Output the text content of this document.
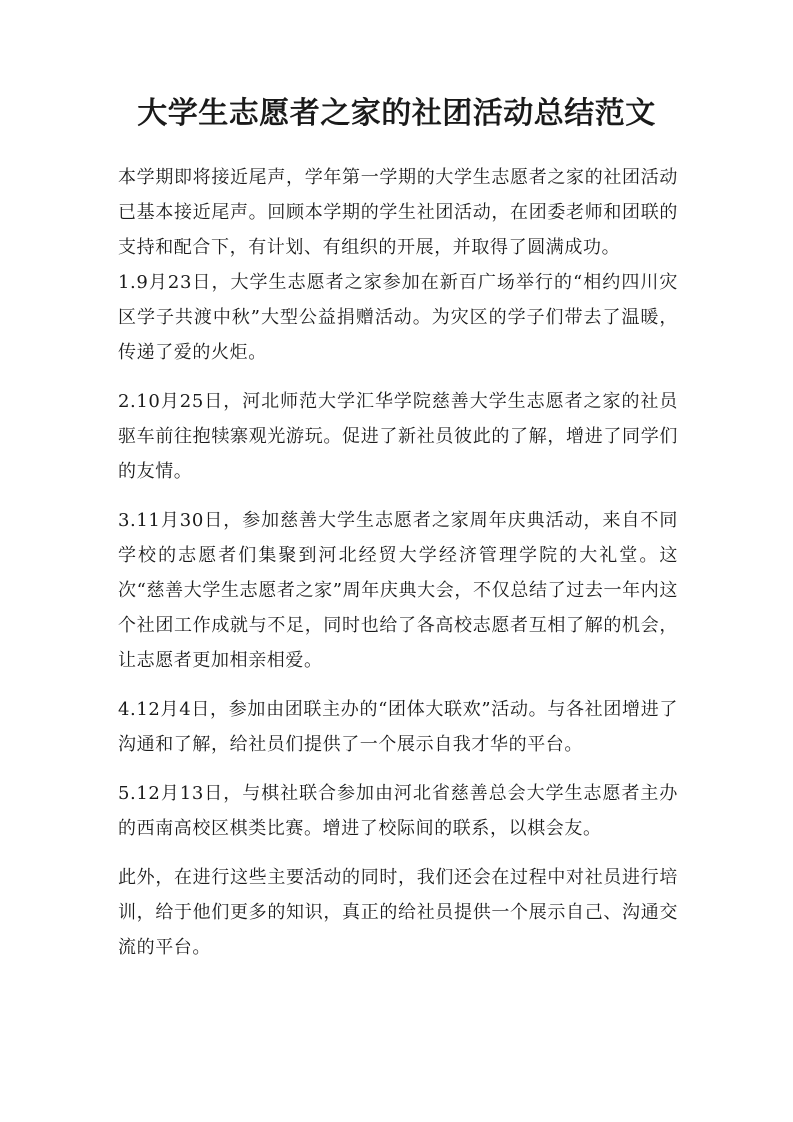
大学生志愿者之家的社团活动总结范文

本学期即将接近尾声，学年第一学期的大学生志愿者之家的社团活动已基本接近尾声。回顾本学期的学生社团活动，在团委老师和团联的支持和配合下，有计划、有组织的开展，并取得了圆满成功。

1.9月23日，大学生志愿者之家参加在新百广场举行的“相约四川灾区学子共渡中秋”大型公益捐赠活动。为灾区的学子们带去了温暖，传递了爱的火炬。

2.10月25日，河北师范大学汇华学院慈善大学生志愿者之家的社员驱车前往抱犊寨观光游玩。促进了新社员彼此的了解，增进了同学们的友情。

3.11月30日，参加慈善大学生志愿者之家周年庆典活动，来自不同学校的志愿者们集聚到河北经贸大学经济管理学院的大礼堂。这次“慈善大学生志愿者之家”周年庆典大会，不仅总结了过去一年内这个社团工作成就与不足，同时也给了各高校志愿者互相了解的机会，让志愿者更加相亲相爱。

4.12月4日，参加由团联主办的“团体大联欢”活动。与各社团增进了沟通和了解，给社员们提供了一个展示自我才华的平台。

5.12月13日，与棋社联合参加由河北省慈善总会大学生志愿者主办的西南高校区棋类比赛。增进了校际间的联系，以棋会友。

此外，在进行这些主要活动的同时，我们还会在过程中对社员进行培训，给于他们更多的知识，真正的给社员提供一个展示自己、沟通交流的平台。
